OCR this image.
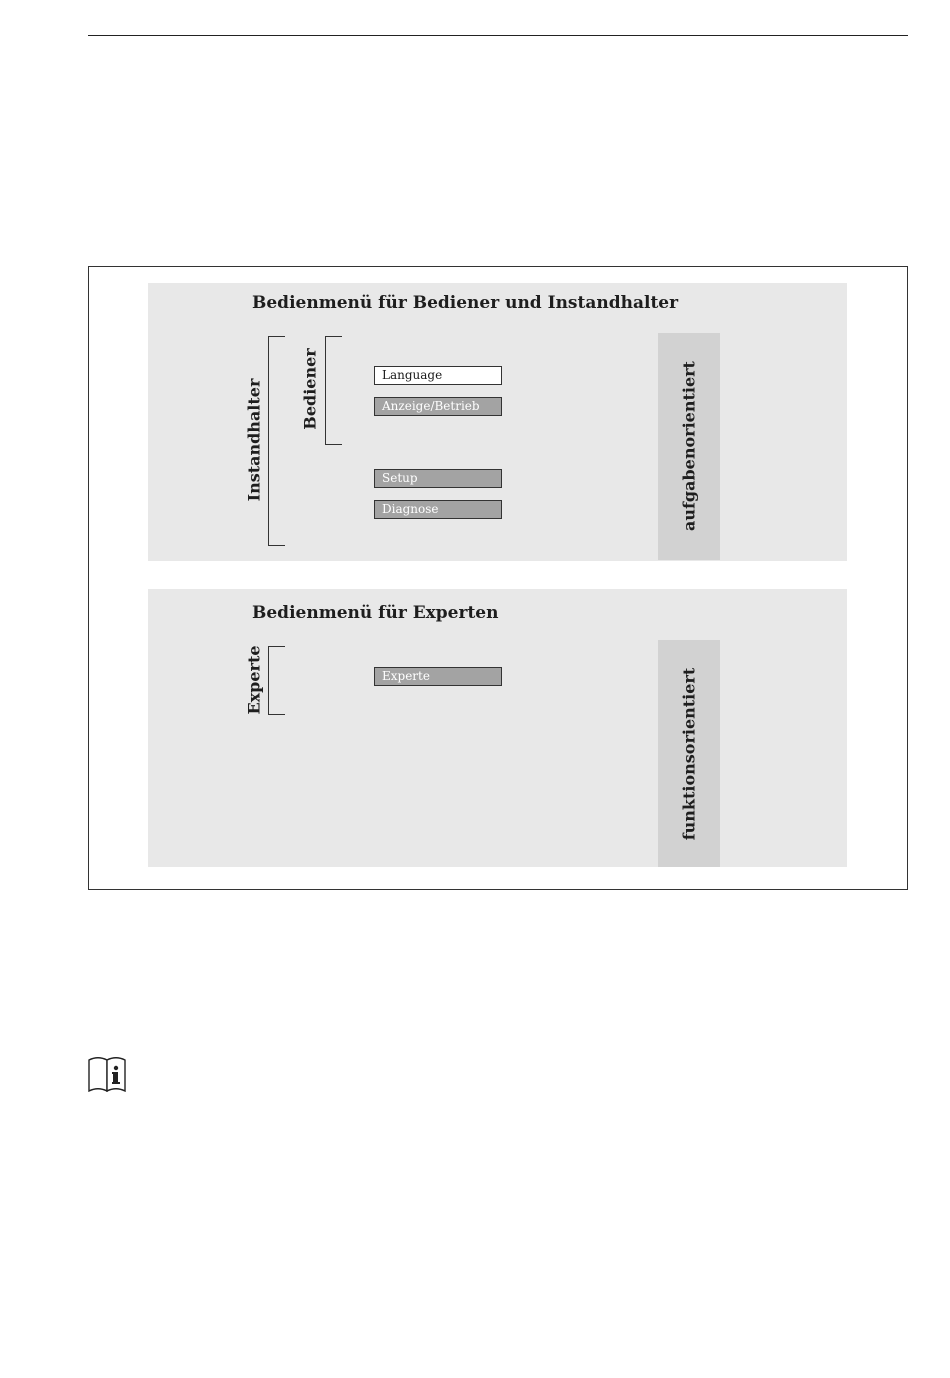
Bedienmenü für Bediener und Instandhalter
aufgabenorientiert
Instandhalter Bediener	Language
Anzeige/Betrieb
Setup
Diagnose
Bedienmenü für Experten
funktionsorientiert
Experte	Experte
